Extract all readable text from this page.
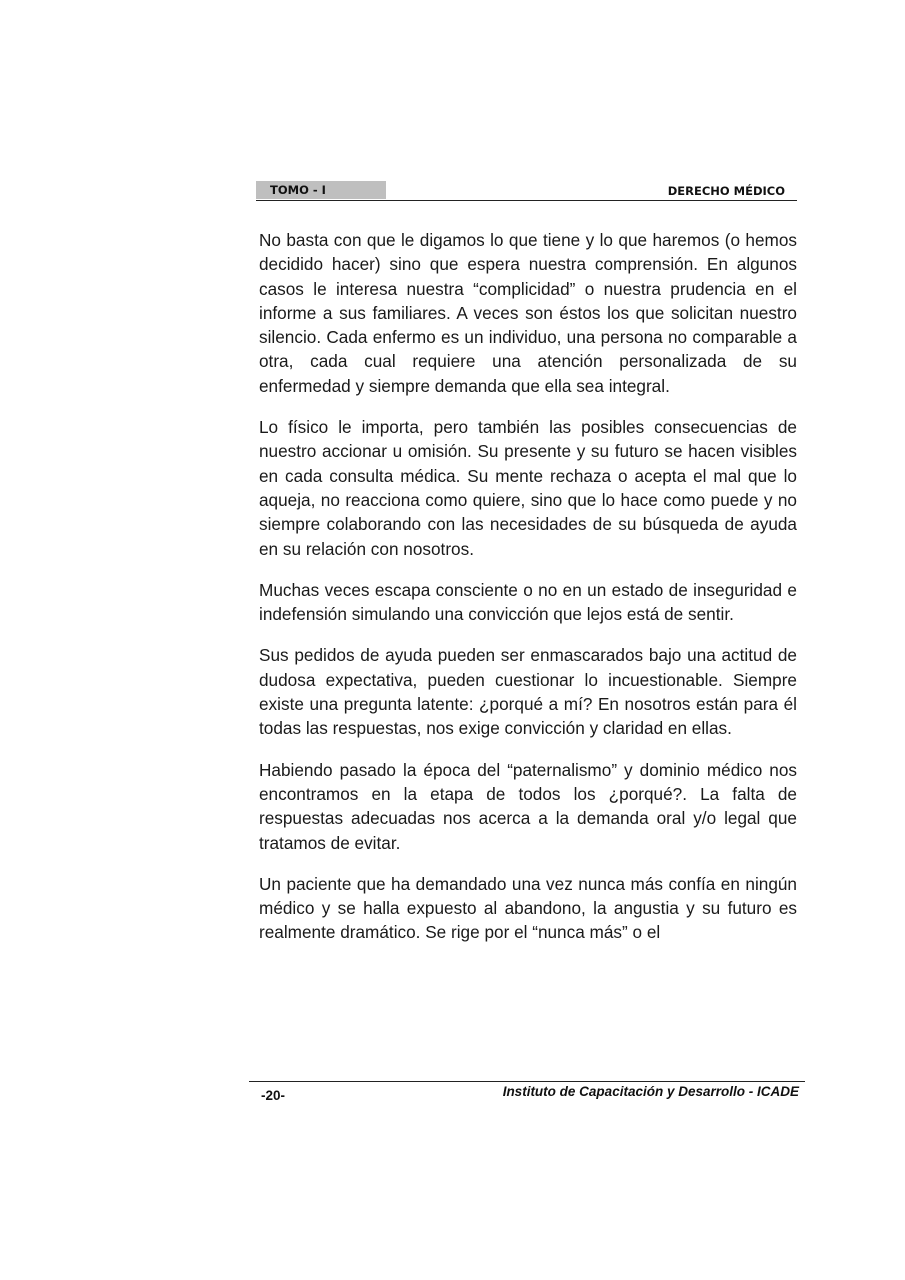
TOMO - I	DERECHO MÉDICO

No basta con que le digamos lo que tiene y lo que haremos (o hemos decidido hacer) sino que espera nuestra comprensión. En algunos casos le interesa nuestra “complicidad” o nuestra prudencia en el informe a sus familiares. A veces son éstos los que solicitan nuestro silencio. Cada enfermo es un individuo, una persona no comparable a otra, cada cual requiere una atención personalizada de su enfermedad y siempre demanda que ella sea integral.

Lo físico le importa, pero también las posibles consecuencias de nuestro accionar u omisión. Su presente y su futuro se hacen visibles en cada consulta médica. Su mente rechaza o acepta el mal que lo aqueja, no reacciona como quiere, sino que lo hace como puede y no siempre colaborando con las necesidades de su búsqueda de ayuda en su relación con nosotros.

Muchas veces escapa consciente o no en un estado de inseguridad e indefensión simulando una convicción que lejos está de sentir.

Sus pedidos de ayuda pueden ser enmascarados bajo una actitud de dudosa expectativa, pueden cuestionar lo incuestionable. Siempre existe una pregunta latente: ¿porqué a mí? En nosotros están para él todas las respuestas, nos exige convicción y claridad en ellas.

Habiendo pasado la época del “paternalismo” y dominio médico nos encontramos en la etapa de todos los ¿porqué?. La falta de respuestas adecuadas nos acerca a la demanda oral y/o legal que tratamos de evitar.

Un paciente que ha demandado una vez nunca más confía en ningún médico y se halla expuesto al abandono, la angustia y su futuro es realmente dramático. Se rige por el “nunca más” o el

-20-	Instituto de Capacitación y Desarrollo - ICADE
